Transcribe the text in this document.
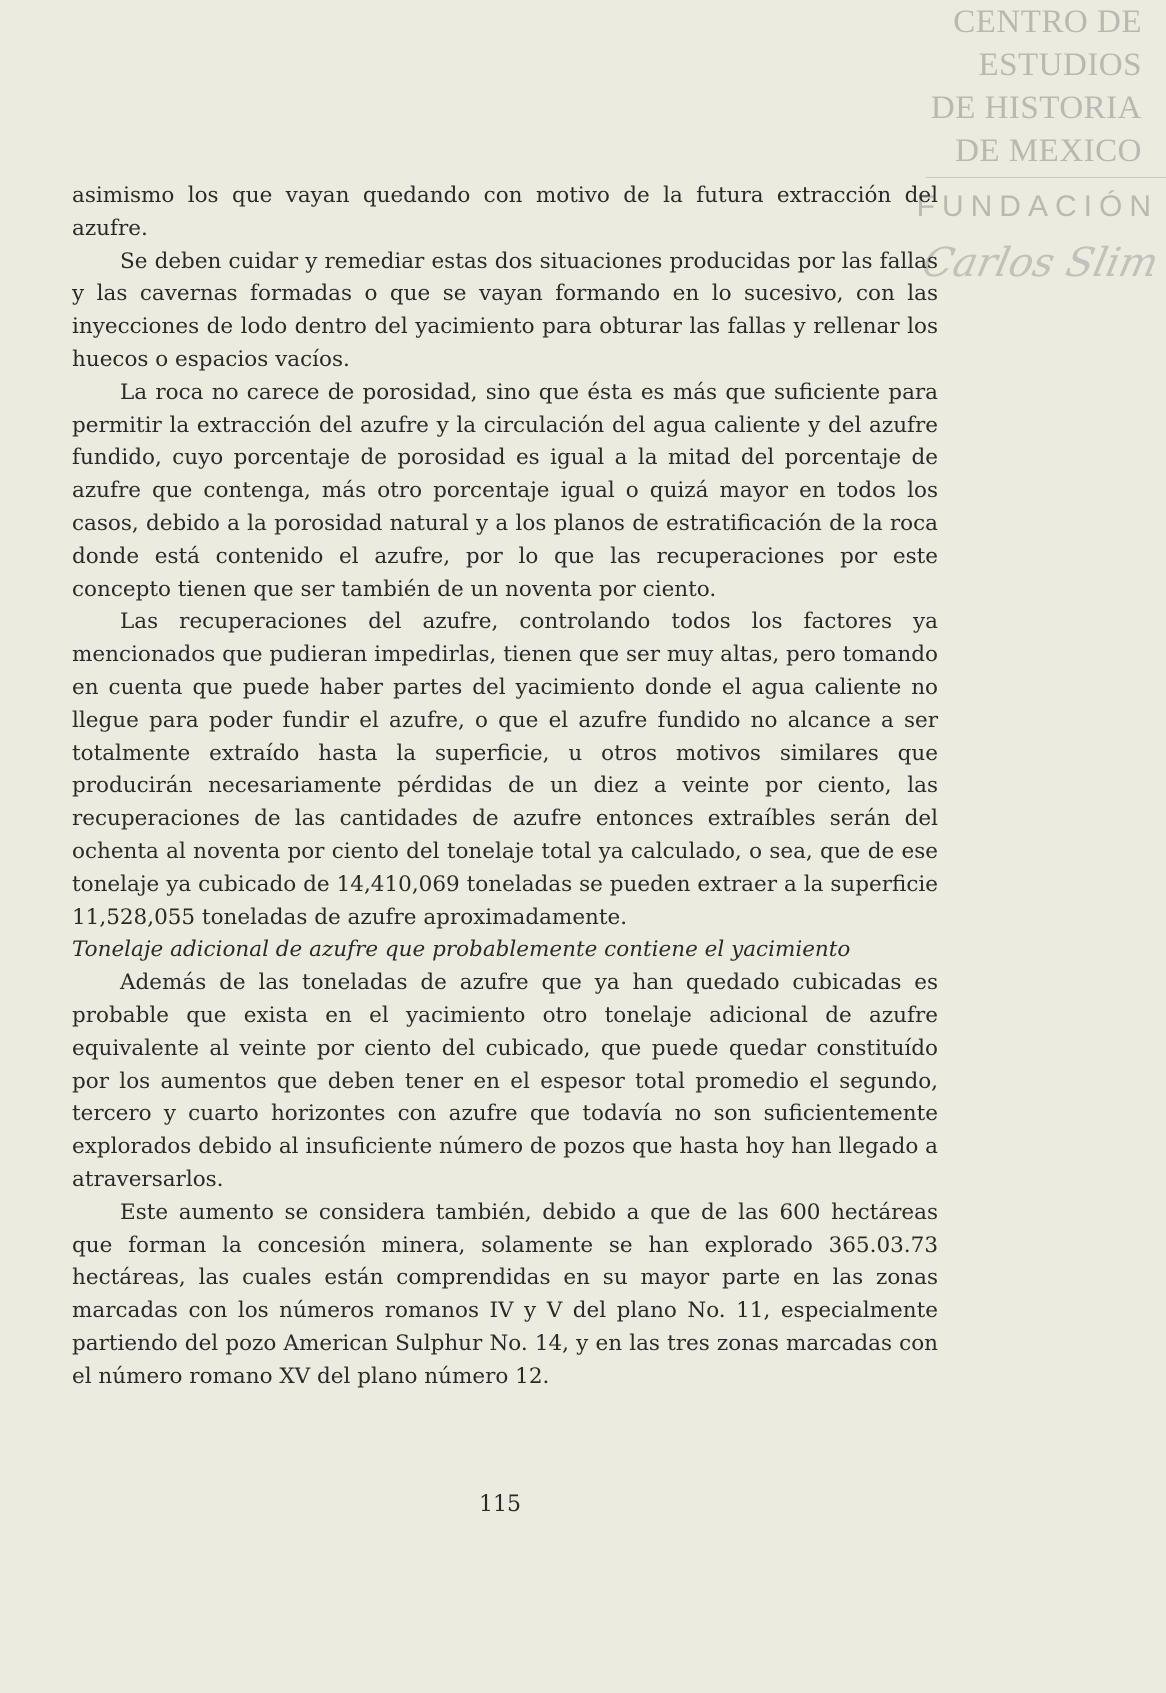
CENTRO DE
ESTUDIOS
DE HISTORIA
DE MEXICO
FUNDACIÓN
Carlos Slim

asimismo los que vayan quedando con motivo de la futura extracción del azufre.

Se deben cuidar y remediar estas dos situaciones producidas por las fallas y las cavernas formadas o que se vayan formando en lo sucesivo, con las inyecciones de lodo dentro del yacimiento para obturar las fallas y rellenar los huecos o espacios vacíos.

La roca no carece de porosidad, sino que ésta es más que suficiente para permitir la extracción del azufre y la circulación del agua caliente y del azufre fundido, cuyo porcentaje de porosidad es igual a la mitad del porcentaje de azufre que contenga, más otro porcentaje igual o quizá mayor en todos los casos, debido a la porosidad natural y a los planos de estratificación de la roca donde está contenido el azufre, por lo que las recuperaciones por este concepto tienen que ser también de un noventa por ciento.

Las recuperaciones del azufre, controlando todos los factores ya mencionados que pudieran impedirlas, tienen que ser muy altas, pero tomando en cuenta que puede haber partes del yacimiento donde el agua caliente no llegue para poder fundir el azufre, o que el azufre fundido no alcance a ser totalmente extraído hasta la superficie, u otros motivos similares que producirán necesariamente pérdidas de un diez a veinte por ciento, las recuperaciones de las cantidades de azufre entonces extraíbles serán del ochenta al noventa por ciento del tonelaje total ya calculado, o sea, que de ese tonelaje ya cubicado de 14,410,069 toneladas se pueden extraer a la superficie 11,528,055 toneladas de azufre aproximadamente.

Tonelaje adicional de azufre que probablemente contiene el yacimiento

Además de las toneladas de azufre que ya han quedado cubicadas es probable que exista en el yacimiento otro tonelaje adicional de azufre equivalente al veinte por ciento del cubicado, que puede quedar constituído por los aumentos que deben tener en el espesor total promedio el segundo, tercero y cuarto horizontes con azufre que todavía no son suficientemente explorados debido al insuficiente número de pozos que hasta hoy han llegado a atraversarlos.

Este aumento se considera también, debido a que de las 600 hectáreas que forman la concesión minera, solamente se han explorado 365.03.73 hectáreas, las cuales están comprendidas en su mayor parte en las zonas marcadas con los números romanos IV y V del plano No. 11, especialmente partiendo del pozo American Sulphur No. 14, y en las tres zonas marcadas con el número romano XV del plano número 12.

115
